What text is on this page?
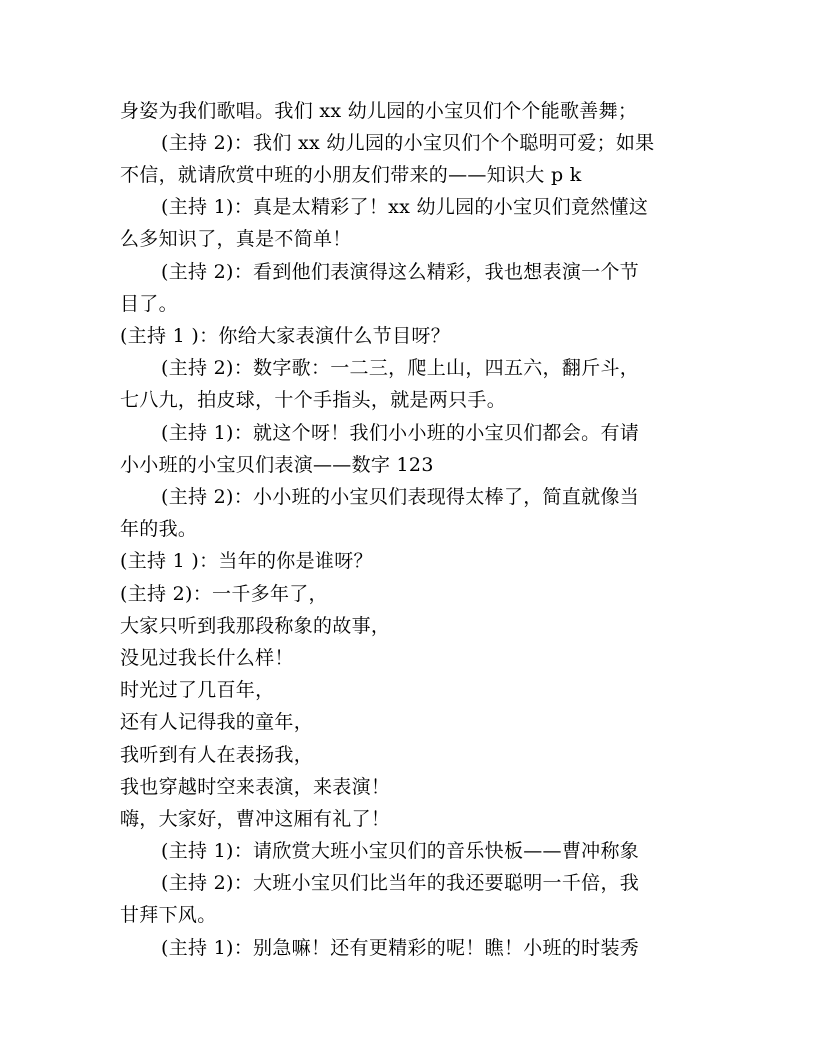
身姿为我们歌唱。我们 xx 幼儿园的小宝贝们个个能歌善舞；
(主持 2)：我们 xx 幼儿园的小宝贝们个个聪明可爱；如果
不信，就请欣赏中班的小朋友们带来的——知识大 p k
(主持 1)：真是太精彩了！xx 幼儿园的小宝贝们竟然懂这
么多知识了，真是不简单！
(主持 2)：看到他们表演得这么精彩，我也想表演一个节
目了。
(主持 1 )：你给大家表演什么节目呀？
(主持 2)：数字歌：一二三，爬上山，四五六，翻斤斗，
七八九，拍皮球，十个手指头，就是两只手。
(主持 1)：就这个呀！我们小小班的小宝贝们都会。有请
小小班的小宝贝们表演——数字 123
(主持 2)：小小班的小宝贝们表现得太棒了，简直就像当
年的我。
(主持 1 )：当年的你是谁呀？
(主持 2)：一千多年了，
大家只听到我那段称象的故事，
没见过我长什么样！
时光过了几百年，
还有人记得我的童年，
我听到有人在表扬我，
我也穿越时空来表演，来表演！
嗨，大家好，曹冲这厢有礼了！
(主持 1)：请欣赏大班小宝贝们的音乐快板——曹冲称象
(主持 2)：大班小宝贝们比当年的我还要聪明一千倍，我
甘拜下风。
(主持 1)：别急嘛！还有更精彩的呢！瞧！小班的时装秀
